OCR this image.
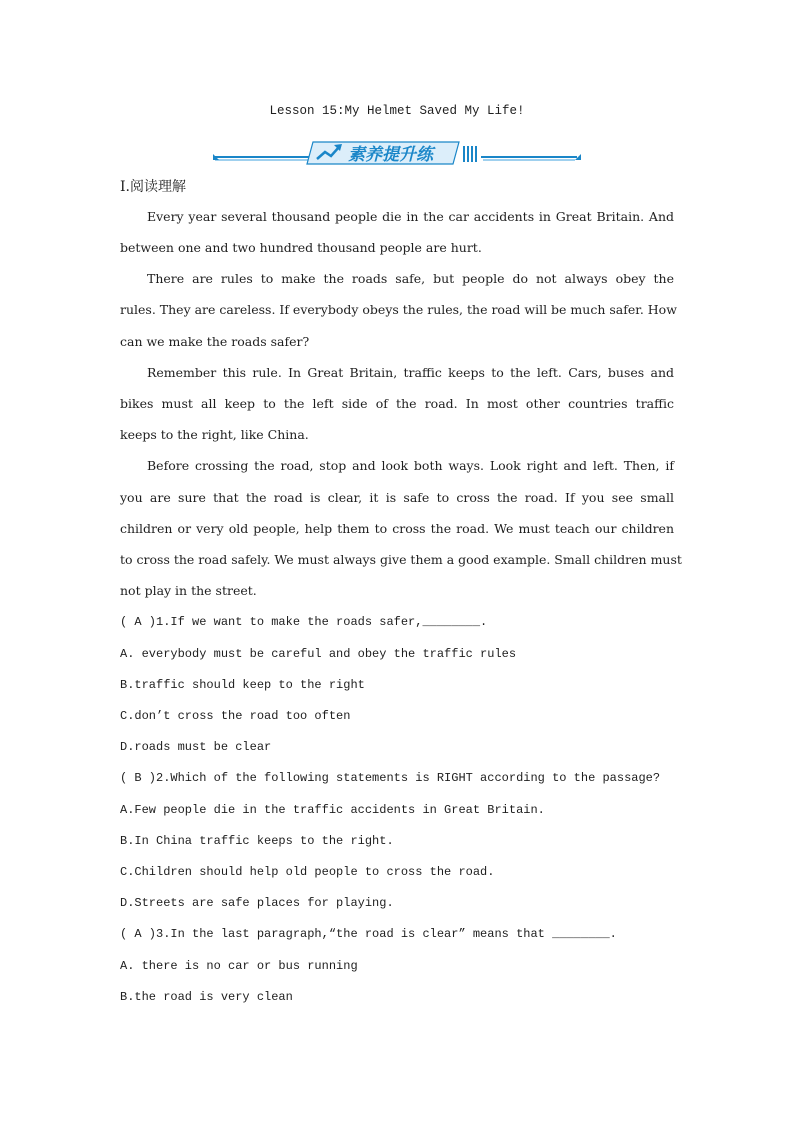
Lesson 15:My Helmet Saved My Life!
素养提升练
Ⅰ.阅读理解
Every year several thousand people die in the car accidents in Great Britain. And
between one and two hundred thousand people are hurt.
There are rules to make the roads safe, but people do not always obey the
rules. They are careless. If everybody obeys the rules, the road will be much safer. How
can we make the roads safer?
Remember this rule. In Great Britain, traffic keeps to the left. Cars, buses and
bikes must all keep to the left side of the road. In most other countries traffic
keeps to the right, like China.
Before crossing the road, stop and look both ways. Look right and left. Then, if
you are sure that the road is clear, it is safe to cross the road. If you see small
children or very old people, help them to cross the road. We must teach our children
to cross the road safely. We must always give them a good example. Small children must
not play in the street.
( A )1.If we want to make the roads safer,________.
A. everybody must be careful and obey the traffic rules
B.traffic should keep to the right
C.don’t cross the road too often
D.roads must be clear
( B )2.Which of the following statements is RIGHT according to the passage?
A.Few people die in the traffic accidents in Great Britain.
B.In China traffic keeps to the right.
C.Children should help old people to cross the road.
D.Streets are safe places for playing.
( A )3.In the last paragraph,“the road is clear” means that ________.
A. there is no car or bus running
B.the road is very clean
